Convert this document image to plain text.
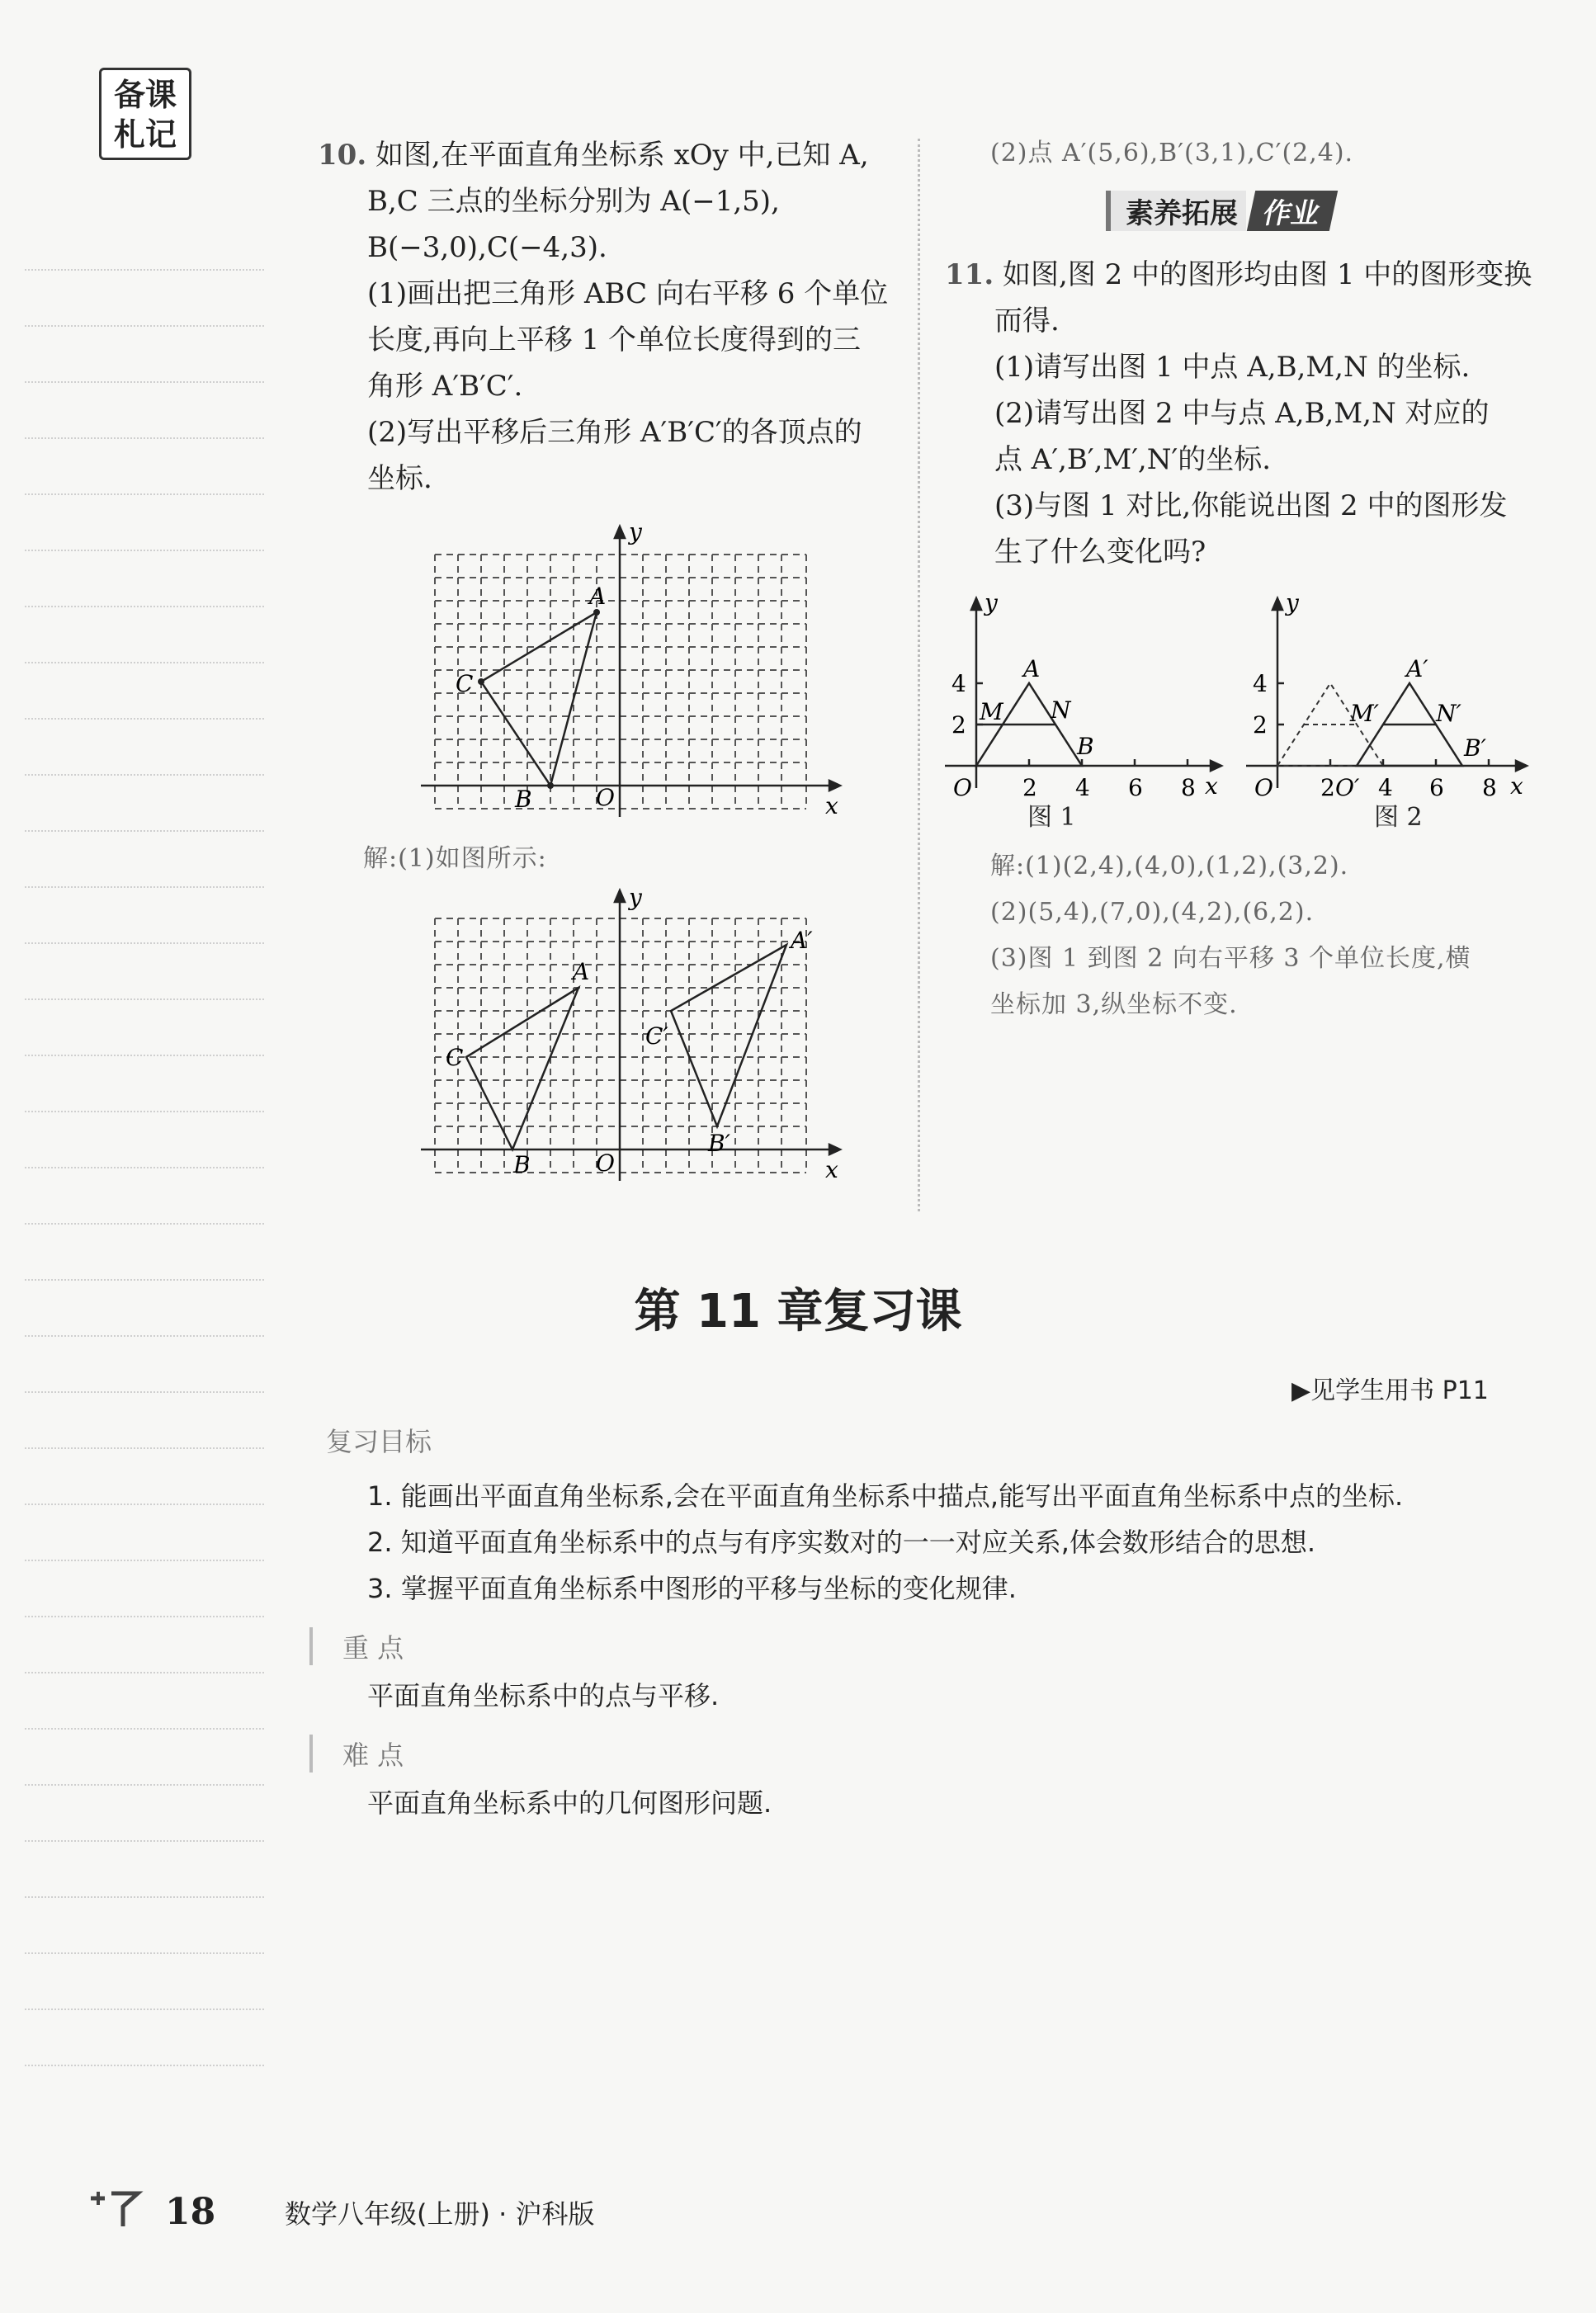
备课
札记
10. 如图,在平面直角坐标系 xOy 中,已知 A,
B,C 三点的坐标分别为 A(−1,5),
B(−3,0),C(−4,3).
(1)画出把三角形 ABC 向右平移 6 个单位
长度,再向上平移 1 个单位长度得到的三
角形 A′B′C′.
(2)写出平移后三角形 A′B′C′的各顶点的
坐标.
A
B
C
O	x
y
解:(1)如图所示:
A
B
C
O	x
y
A′
B′
C′
(2)点 A′(5,6),B′(3,1),C′(2,4).
素养拓展 作业
11. 如图,图 2 中的图形均由图 1 中的图形变换
而得.
(1)请写出图 1 中点 A,B,M,N 的坐标.
(2)请写出图 2 中与点 A,B,M,N 对应的
点 A′,B′,M′,N′的坐标.
(3)与图 1 对比,你能说出图 2 中的图形发
生了什么变化吗?
4
2
2 4 6 8
O	x
y
A
M N
B
图 1
4
2
2 4 6 8
O	O′	x
y
A′
M′ N′
B′
图 2
解:(1)(2,4),(4,0),(1,2),(3,2).
(2)(5,4),(7,0),(4,2),(6,2).
(3)图 1 到图 2 向右平移 3 个单位长度,横
坐标加 3,纵坐标不变.
第 11 章复习课
▶见学生用书 P11
复习目标
1. 能画出平面直角坐标系,会在平面直角坐标系中描点,能写出平面直角坐标系中点的坐标.
2. 知道平面直角坐标系中的点与有序实数对的一一对应关系,体会数形结合的思想.
3. 掌握平面直角坐标系中图形的平移与坐标的变化规律.
重 点
平面直角坐标系中的点与平移.
难 点
平面直角坐标系中的几何图形问题.
18	数学八年级(上册) · 沪科版
